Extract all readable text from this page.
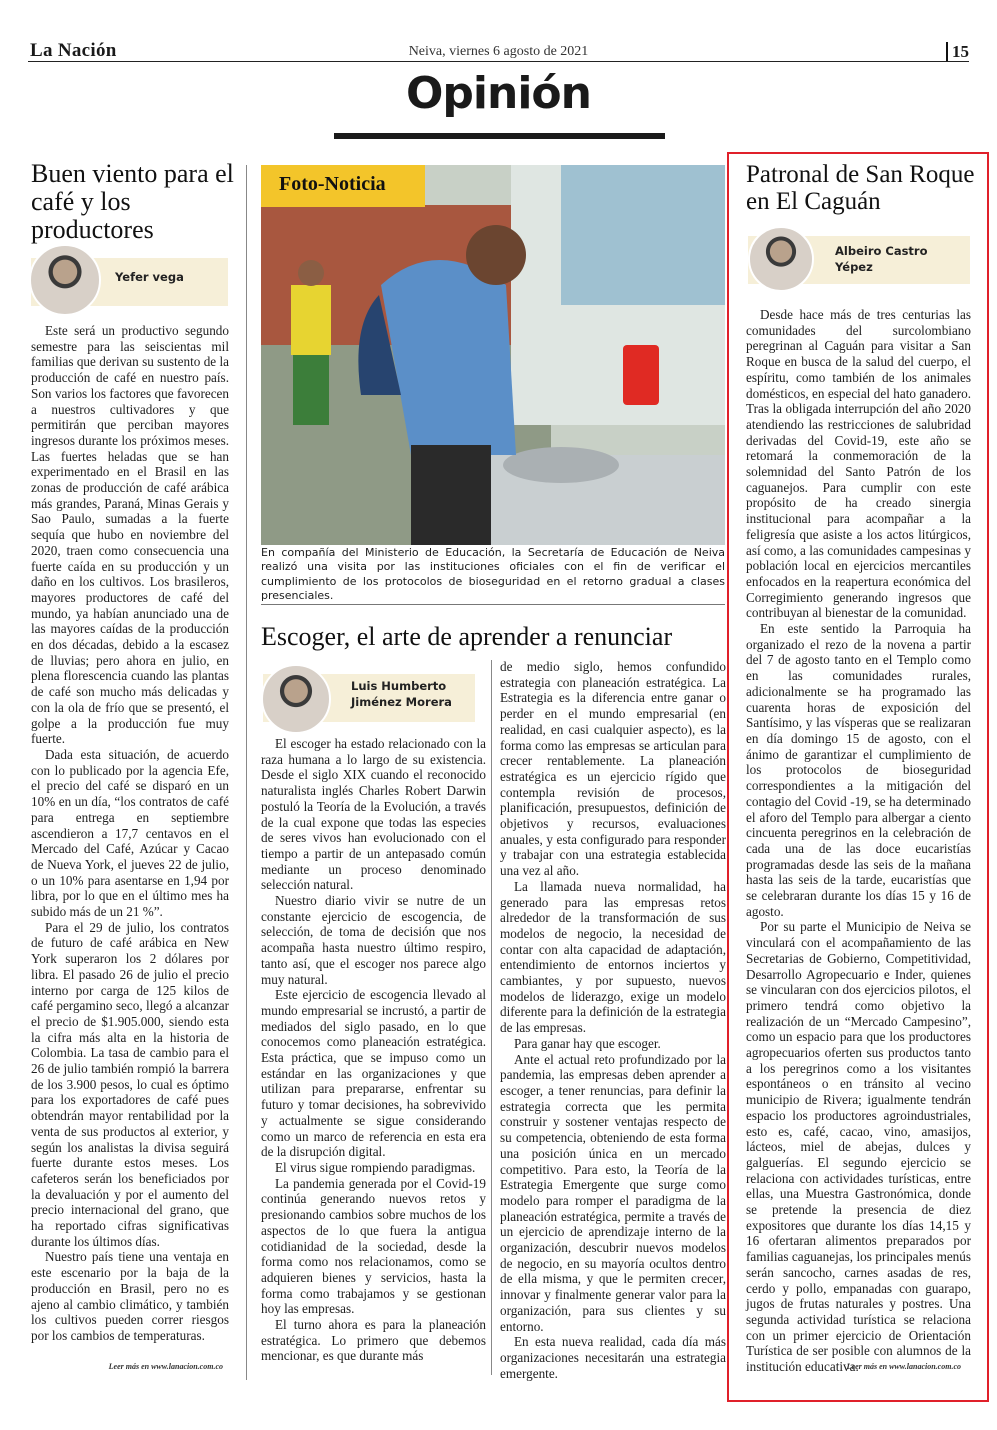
La Nación	Neiva, viernes 6 agosto de 2021	15
Opinión
Buen viento para el café y los productores
Yefer vega

Este será un productivo segundo semestre para las seiscientas mil familias que derivan su sustento de la producción de café en nuestro país. Son varios los factores que favorecen a nuestros cultivadores y que permitirán que perciban mayores ingresos durante los próximos meses. Las fuertes heladas que se han experimentado en el Brasil en las zonas de producción de café arábica más grandes, Paraná, Minas Gerais y Sao Paulo, sumadas a la fuerte sequía que hubo en noviembre del 2020, traen como consecuencia una fuerte caída en su producción y un daño en los cultivos. Los brasileros, mayores productores de café del mundo, ya habían anunciado una de las mayores caídas de la producción en dos décadas, debido a la escasez de lluvias; pero ahora en julio, en plena florescencia cuando las plantas de café son mucho más delicadas y con la ola de frío que se presentó, el golpe a la producción fue muy fuerte.

Dada esta situación, de acuerdo con lo publicado por la agencia Efe, el precio del café se disparó en un 10% en un día, “los contratos de café para entrega en septiembre ascendieron a 17,7 centavos en el Mercado del Café, Azúcar y Cacao de Nueva York, el jueves 22 de julio, o un 10% para asentarse en 1,94 por libra, por lo que en el último mes ha subido más de un 21 %”.

Para el 29 de julio, los contratos de futuro de café arábica en New York superaron los 2 dólares por libra. El pasado 26 de julio el precio interno por carga de 125 kilos de café pergamino seco, llegó a alcanzar el precio de $1.905.000, siendo esta la cifra más alta en la historia de Colombia. La tasa de cambio para el 26 de julio también rompió la barrera de los 3.900 pesos, lo cual es óptimo para los exportadores de café pues obtendrán mayor rentabilidad por la venta de sus productos al exterior, y según los analistas la divisa seguirá fuerte durante estos meses. Los cafeteros serán los beneficiados por la devaluación y por el aumento del precio internacional del grano, que ha reportado cifras significativas durante los últimos días.

Nuestro país tiene una ventaja en este escenario por la baja de la producción en Brasil, pero no es ajeno al cambio climático, y también los cultivos pueden correr riesgos por los cambios de temperaturas.

Leer más en www.lanacion.com.co
Foto-Noticia
En compañía del Ministerio de Educación, la Secretaría de Educación de Neiva realizó una visita por las instituciones oficiales con el fin de verificar el cumplimiento de los protocolos de bioseguridad en el retorno gradual a clases presenciales.
Escoger, el arte de aprender a renunciar
Luis Humberto
Jiménez Morera

El escoger ha estado relacionado con la raza humana a lo largo de su existencia. Desde el siglo XIX cuando el reconocido naturalista inglés Charles Robert Darwin postuló la Teoría de la Evolución, a través de la cual expone que todas las especies de seres vivos han evolucionado con el tiempo a partir de un antepasado común mediante un proceso denominado selección natural.

Nuestro diario vivir se nutre de un constante ejercicio de escogencia, de selección, de toma de decisión que nos acompaña hasta nuestro último respiro, tanto así, que el escoger nos parece algo muy natural.

Este ejercicio de escogencia llevado al mundo empresarial se incrustó, a partir de mediados del siglo pasado, en lo que conocemos como planeación estratégica. Esta práctica, que se impuso como un estándar en las organizaciones y que utilizan para prepararse, enfrentar su futuro y tomar decisiones, ha sobrevivido y actualmente se sigue considerando como un marco de referencia en esta era de la disrupción digital.

El virus sigue rompiendo paradigmas.

La pandemia generada por el Covid-19 continúa generando nuevos retos y presionando cambios sobre muchos de los aspectos de lo que fuera la antigua cotidianidad de la sociedad, desde la forma como nos relacionamos, como se adquieren bienes y servicios, hasta la forma como trabajamos y se gestionan hoy las empresas.

El turno ahora es para la planeación estratégica. Lo primero que debemos mencionar, es que durante más

de medio siglo, hemos confundido estrategia con planeación estratégica. La Estrategia es la diferencia entre ganar o perder en el mundo empresarial (en realidad, en casi cualquier aspecto), es la forma como las empresas se articulan para crecer rentablemente. La planeación estratégica es un ejercicio rígido que contempla revisión de procesos, planificación, presupuestos, definición de objetivos y recursos, evaluaciones anuales, y esta configurado para responder y trabajar con una estrategia establecida una vez al año.

La llamada nueva normalidad, ha generado para las empresas retos alrededor de la transformación de sus modelos de negocio, la necesidad de contar con alta capacidad de adaptación, entendimiento de entornos inciertos y cambiantes, y por supuesto, nuevos modelos de liderazgo, exige un modelo diferente para la definición de la estrategia de las empresas.

Para ganar hay que escoger.

Ante el actual reto profundizado por la pandemia, las empresas deben aprender a escoger, a tener renuncias, para definir la estrategia correcta que les permita construir y sostener ventajas respecto de su competencia, obteniendo de esta forma una posición única en un mercado competitivo. Para esto, la Teoría de la Estrategia Emergente que surge como modelo para romper el paradigma de la planeación estratégica, permite a través de un ejercicio de aprendizaje interno de la organización, descubrir nuevos modelos de negocio, en su mayoría ocultos dentro de ella misma, y que le permiten crecer, innovar y finalmente generar valor para la organización, para sus clientes y su entorno.

En esta nueva realidad, cada día más organizaciones necesitarán una estrategia emergente.

Patronal de San Roque en El Caguán
Albeiro Castro
Yépez

Desde hace más de tres centurias las comunidades del surcolombiano peregrinan al Caguán para visitar a San Roque en busca de la salud del cuerpo, el espíritu, como también de los animales domésticos, en especial del hato ganadero. Tras la obligada interrupción del año 2020 atendiendo las restricciones de salubridad derivadas del Covid-19, este año se retomará la conmemoración de la solemnidad del Santo Patrón de los caguanejos. Para cumplir con este propósito de ha creado sinergia institucional para acompañar a la feligresía que asiste a los actos litúrgicos, así como, a las comunidades campesinas y población local en ejercicios mercantiles enfocados en la reapertura económica del Corregimiento generando ingresos que contribuyan al bienestar de la comunidad.

En este sentido la Parroquia ha organizado el rezo de la novena a partir del 7 de agosto tanto en el Templo como en las comunidades rurales, adicionalmente se ha programado las cuarenta horas de exposición del Santísimo, y las vísperas que se realizaran en día domingo 15 de agosto, con el ánimo de garantizar el cumplimiento de los protocolos de bioseguridad correspondientes a la mitigación del contagio del Covid -19, se ha determinado el aforo del Templo para albergar a ciento cincuenta peregrinos en la celebración de cada una de las doce eucaristías programadas desde las seis de la mañana hasta las seis de la tarde, eucaristías que se celebraran durante los días 15 y 16 de agosto.

Por su parte el Municipio de Neiva se vinculará con el acompañamiento de las Secretarias de Gobierno, Competitividad, Desarrollo Agropecuario e Inder, quienes se vincularan con dos ejercicios pilotos, el primero tendrá como objetivo la realización de un “Mercado Campesino”, como un espacio para que los productores agropecuarios oferten sus productos tanto a los peregrinos como a los visitantes espontáneos o en tránsito al vecino municipio de Rivera; igualmente tendrán espacio los productores agroindustriales, esto es, café, cacao, vino, amasijos, lácteos, miel de abejas, dulces y galguerías. El segundo ejercicio se relaciona con actividades turísticas, entre ellas, una Muestra Gastronómica, donde se pretende la presencia de diez expositores que durante los días 14,15 y 16 ofertaran alimentos preparados por familias caguanejas, los principales menús serán sancocho, carnes asadas de res, cerdo y pollo, empanadas con guarapo, jugos de frutas naturales y postres. Una segunda actividad turística se relaciona con un primer ejercicio de Orientación Turística de ser posible con alumnos de la institución educativa.

Leer más en www.lanacion.com.co
